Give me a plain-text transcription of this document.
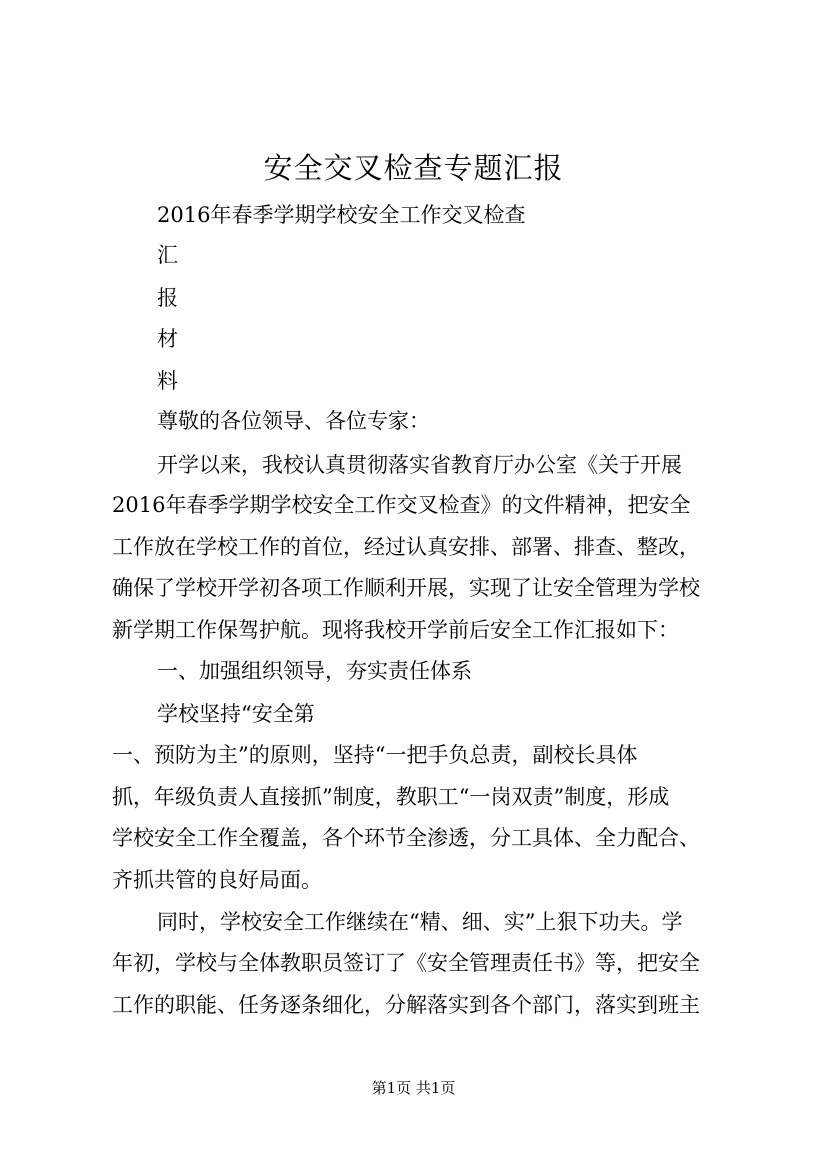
安全交叉检查专题汇报

2016年春季学期学校安全工作交叉检查

汇

报

材

料

尊敬的各位领导、各位专家：

开学以来，我校认真贯彻落实省教育厅办公室《关于开展

2016年春季学期学校安全工作交叉检查》的文件精神，把安全

工作放在学校工作的首位，经过认真安排、部署、排查、整改，

确保了学校开学初各项工作顺利开展，实现了让安全管理为学校

新学期工作保驾护航。现将我校开学前后安全工作汇报如下：

一、加强组织领导，夯实责任体系

学校坚持“安全第

一、预防为主”的原则，坚持“一把手负总责，副校长具体

抓，年级负责人直接抓”制度，教职工“一岗双责”制度，形成

学校安全工作全覆盖，各个环节全渗透，分工具体、全力配合、

齐抓共管的良好局面。

同时，学校安全工作继续在“精、细、实”上狠下功夫。学

年初，学校与全体教职员签订了《安全管理责任书》等，把安全

工作的职能、任务逐条细化，分解落实到各个部门，落实到班主

第1页 共1页
